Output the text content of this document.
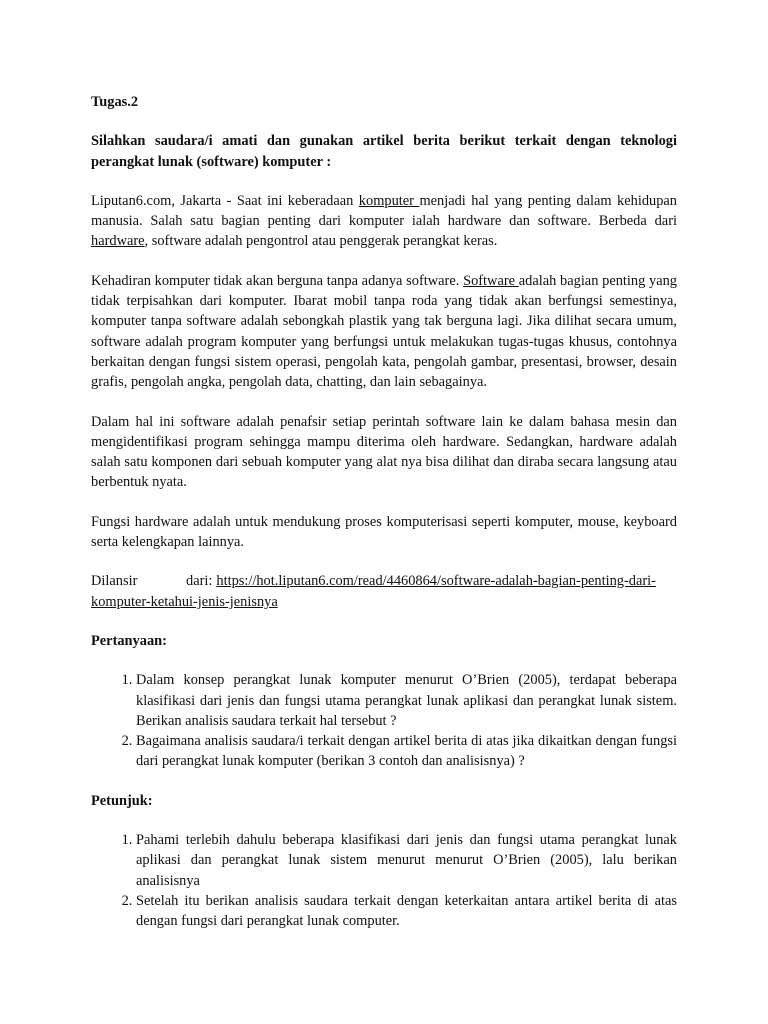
Tugas.2

Silahkan saudara/i amati dan gunakan artikel berita berikut terkait dengan teknologi perangkat lunak (software) komputer :

Liputan6.com, Jakarta - Saat ini keberadaan komputer menjadi hal yang penting dalam kehidupan manusia. Salah satu bagian penting dari komputer ialah hardware dan software. Berbeda dari hardware, software adalah pengontrol atau penggerak perangkat keras.

Kehadiran komputer tidak akan berguna tanpa adanya software. Software adalah bagian penting yang tidak terpisahkan dari komputer. Ibarat mobil tanpa roda yang tidak akan berfungsi semestinya, komputer tanpa software adalah sebongkah plastik yang tak berguna lagi. Jika dilihat secara umum, software adalah program komputer yang berfungsi untuk melakukan tugas-tugas khusus, contohnya berkaitan dengan fungsi sistem operasi, pengolah kata, pengolah gambar, presentasi, browser, desain grafis, pengolah angka, pengolah data, chatting, dan lain sebagainya.

Dalam hal ini software adalah penafsir setiap perintah software lain ke dalam bahasa mesin dan mengidentifikasi program sehingga mampu diterima oleh hardware. Sedangkan, hardware adalah salah satu komponen dari sebuah komputer yang alat nya bisa dilihat dan diraba secara langsung atau berbentuk nyata.

Fungsi hardware adalah untuk mendukung proses komputerisasi seperti komputer, mouse, keyboard serta kelengkapan lainnya.

Dilansir	dari: https://hot.liputan6.com/read/4460864/software-adalah-bagian-penting-dari-komputer-ketahui-jenis-jenisnya

Pertanyaan:

1. Dalam konsep perangkat lunak komputer menurut O’Brien (2005), terdapat beberapa klasifikasi dari jenis dan fungsi utama perangkat lunak aplikasi dan perangkat lunak sistem. Berikan analisis saudara terkait hal tersebut ?
2. Bagaimana analisis saudara/i terkait dengan artikel berita di atas jika dikaitkan dengan fungsi dari perangkat lunak komputer (berikan 3 contoh dan analisisnya) ?

Petunjuk:

1. Pahami terlebih dahulu beberapa klasifikasi dari jenis dan fungsi utama perangkat lunak aplikasi dan perangkat lunak sistem menurut menurut O’Brien (2005), lalu berikan analisisnya
2. Setelah itu berikan analisis saudara terkait dengan keterkaitan antara artikel berita di atas dengan fungsi dari perangkat lunak computer.
